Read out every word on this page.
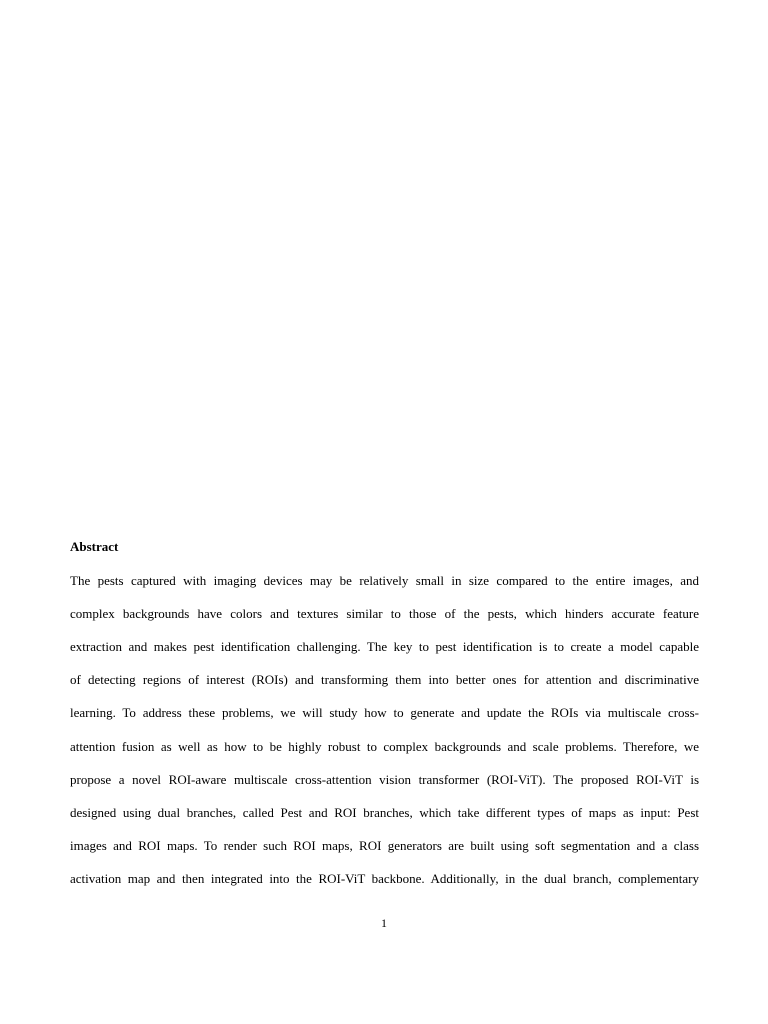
Abstract
The pests captured with imaging devices may be relatively small in size compared to the entire images, and
complex backgrounds have colors and textures similar to those of the pests, which hinders accurate feature
extraction and makes pest identification challenging. The key to pest identification is to create a model capable
of detecting regions of interest (ROIs) and transforming them into better ones for attention and discriminative
learning. To address these problems, we will study how to generate and update the ROIs via multiscale cross-
attention fusion as well as how to be highly robust to complex backgrounds and scale problems. Therefore, we
propose a novel ROI-aware multiscale cross-attention vision transformer (ROI-ViT). The proposed ROI-ViT is
designed using dual branches, called Pest and ROI branches, which take different types of maps as input: Pest
images and ROI maps. To render such ROI maps, ROI generators are built using soft segmentation and a class
activation map and then integrated into the ROI-ViT backbone. Additionally, in the dual branch, complementary
1
